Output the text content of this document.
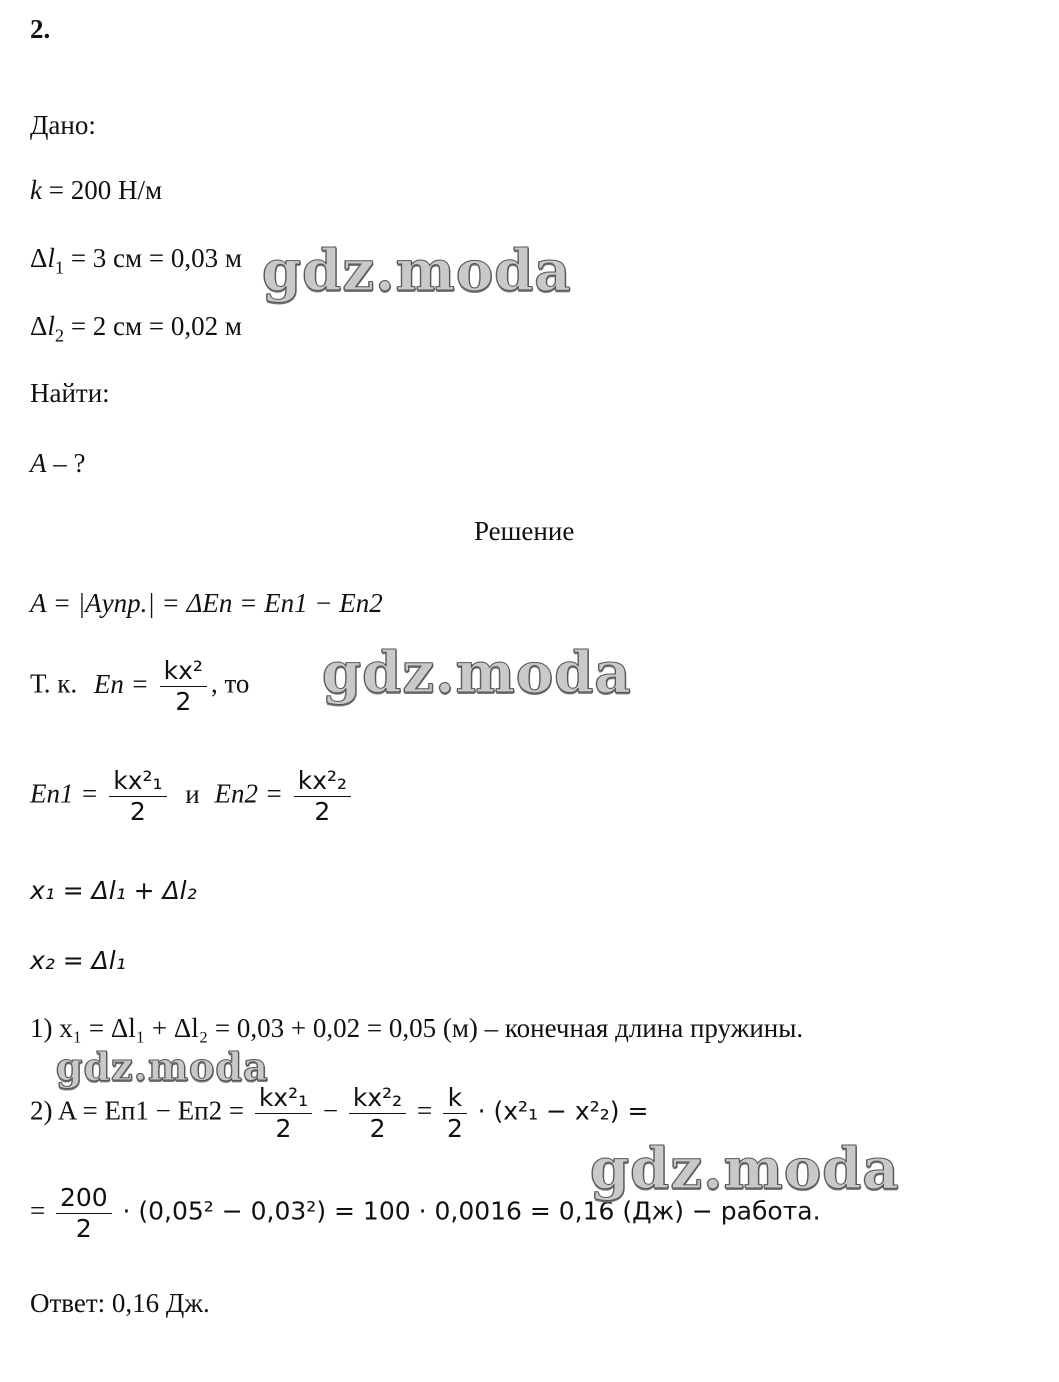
2.
Дано:
k = 200 Н/м
$\Delta l_1 = 3$ см = 0,03 м
$\Delta l_2 = 2$ см = 0,02 м
Найти:
A – ?
Решение
A = |Aупр.| = ΔEп = Eп1 − Eп2
Т. к. Eп = $\frac{\text{kx²}}{2}$ , то
$Eп1 = \frac{\text{kx²₁}}{2}$ и $Eп2 = \frac{\text{kx²₂}}{2}$
x₁ = Δl₁ + Δl₂
x₂ = Δl₁
1) x₁ = Δl₁ + Δl₂ = 0,03 + 0,02 = 0,05 (м) – конечная длина пружины.
2) $A = Eп1 - Eп2 = \frac{\text{kx²₁}}{2} - \frac{\text{kx²₂}}{2} = \frac{k}{2} \cdot (x^2_1 - x^2_2)$ =
= $\frac{200}{2} \cdot (0,05^2 - 0,03^2) = 100 \cdot 0,0016 = 0,16$ (Дж) − работа.
Ответ: 0,16 Дж.
gdz.moda
gdz.moda
gdz.moda
gdz.moda
